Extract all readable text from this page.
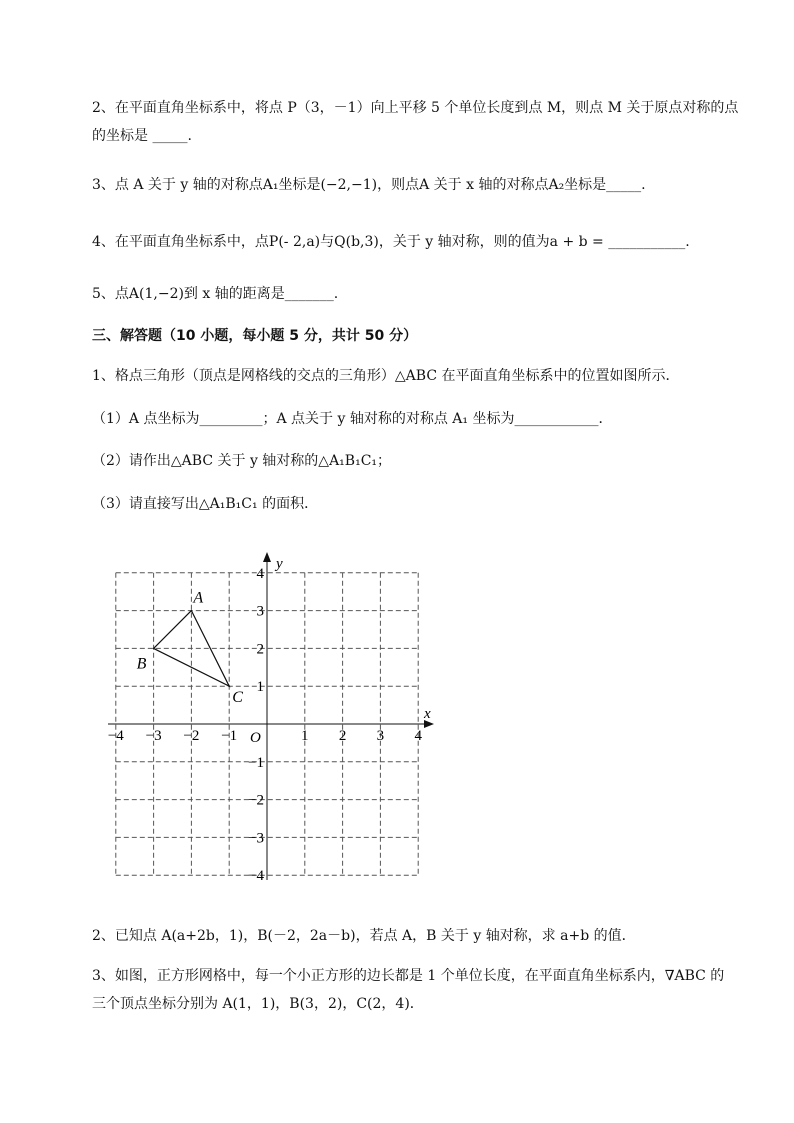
2、在平面直角坐标系中，将点 P（3，－1）向上平移 5 个单位长度到点 M，则点 M 关于原点对称的点
的坐标是 _____.
3、点 A 关于 y 轴的对称点A₁坐标是(−2,−1)，则点A 关于 x 轴的对称点A₂坐标是_____.
4、在平面直角坐标系中，点P(- 2,a)与Q(b,3)，关于 y 轴对称，则的值为a + b = ___________.
5、点A(1,−2)到 x 轴的距离是_______.
三、解答题（10 小题，每小题 5 分，共计 50 分）
1、格点三角形（顶点是网格线的交点的三角形）△ABC 在平面直角坐标系中的位置如图所示．
（1）A 点坐标为_________；A 点关于 y 轴对称的对称点 A₁ 坐标为____________．
（2）请作出△ABC 关于 y 轴对称的△A₁B₁C₁；
（3）请直接写出△A₁B₁C₁ 的面积．
x
y
O
−4 −3 −2 −1	1 2 3 4
1
2
3
4
−1
−2
−3
−4
A
B
C
2、已知点 A(a+2b，1)，B(－2，2a－b)，若点 A，B 关于 y 轴对称，求 a+b 的值．
3、如图，正方形网格中，每一个小正方形的边长都是 1 个单位长度，在平面直角坐标系内，∇ABC 的
三个顶点坐标分别为 A(1，1)，B(3，2)，C(2，4)．
